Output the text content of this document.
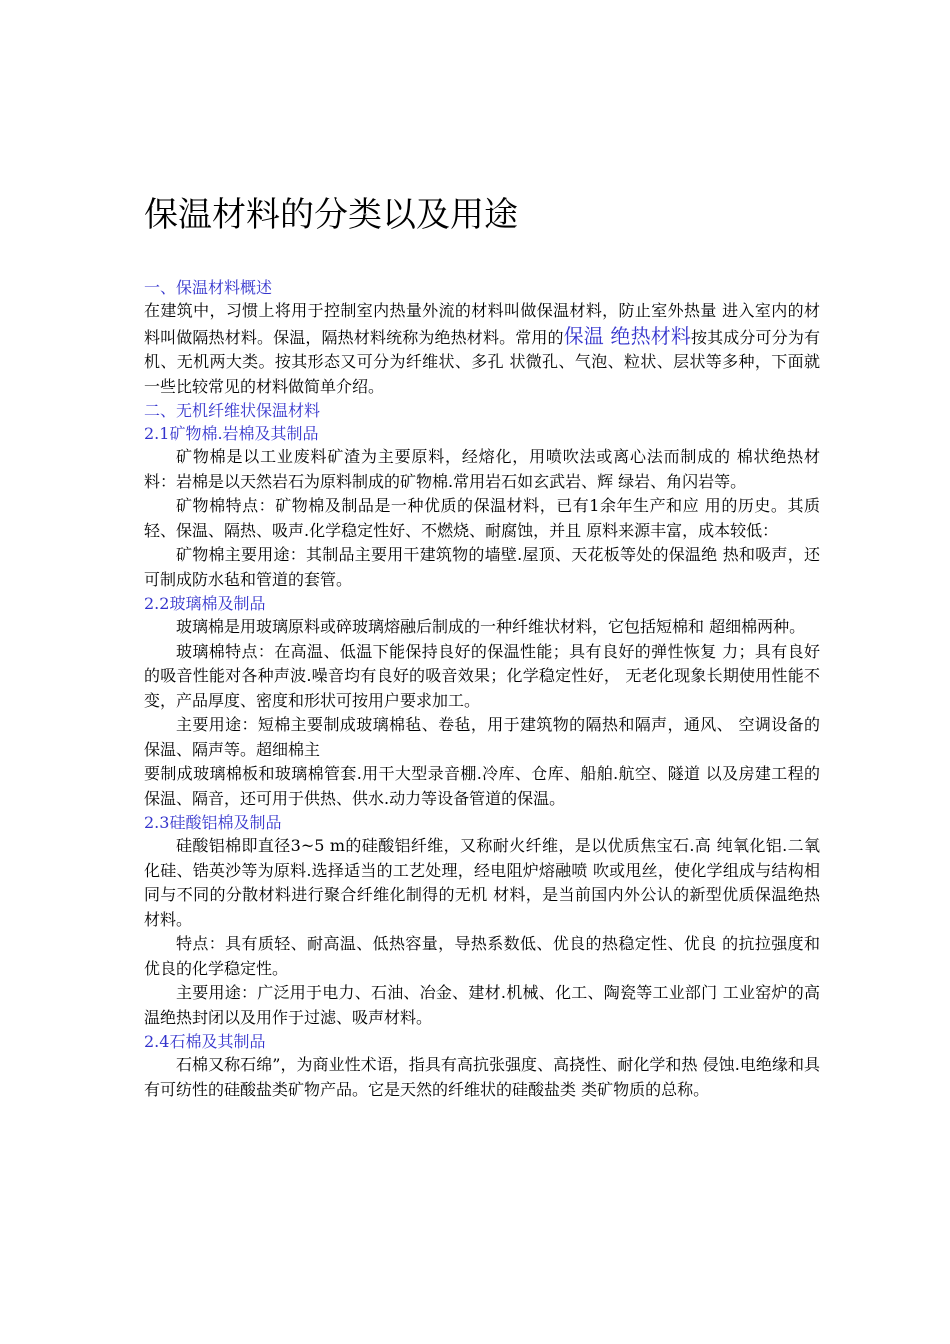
保温材料的分类以及用途

一、保温材料概述

在建筑中，习惯上将用于控制室内热量外流的材料叫做保温材料，防止室外热量 进入室内的材料叫做隔热材料。保温，隔热材料统称为绝热材料。常用的保温 绝热材料按其成分可分为有机、无机两大类。按其形态又可分为纤维状、多孔 状微孔、气泡、粒状、层状等多种，下面就一些比较常见的材料做简单介绍。

二、无机纤维状保温材料

2.1矿物棉.岩棉及其制品

矿物棉是以工业废料矿渣为主要原料，经熔化，用喷吹法或离心法而制成的 棉状绝热材料：岩棉是以天然岩石为原料制成的矿物棉.常用岩石如玄武岩、辉 绿岩、角闪岩等。

矿物棉特点：矿物棉及制品是一种优质的保温材料，已有1余年生产和应 用的历史。其质轻、保温、隔热、吸声.化学稳定性好、不燃烧、耐腐蚀，并且 原料来源丰富，成本较低：

矿物棉主要用途：其制品主要用干建筑物的墙壁.屋顶、天花板等处的保温绝 热和吸声，还可制成防水毡和管道的套管。

2.2玻璃棉及制品

玻璃棉是用玻璃原料或碎玻璃熔融后制成的一种纤维状材料，它包括短棉和 超细棉两种。

玻璃棉特点：在高温、低温下能保持良好的保温性能；具有良好的弹性恢复 力；具有良好的吸音性能对各种声波.噪音均有良好的吸音效果；化学稳定性好， 无老化现象长期使用性能不变，产品厚度、密度和形状可按用户要求加工。

主要用途：短棉主要制成玻璃棉毡、卷毡，用于建筑物的隔热和隔声，通风、 空调设备的保温、隔声等。超细棉主

要制成玻璃棉板和玻璃棉管套.用干大型录音棚.冷库、仓库、船舶.航空、隧道 以及房建工程的保温、隔音，还可用于供热、供水.动力等设备管道的保温。

2.3硅酸铝棉及制品

硅酸铝棉即直径3~5 m的硅酸铝纤维，又称耐火纤维，是以优质焦宝石.高 纯氧化铝.二氧化硅、锆英沙等为原料.选择适当的工艺处理，经电阻炉熔融喷 吹或甩丝，使化学组成与结构相同与不同的分散材料进行聚合纤维化制得的无机 材料，是当前国内外公认的新型优质保温绝热材料。

特点：具有质轻、耐高温、低热容量，导热系数低、优良的热稳定性、优良 的抗拉强度和优良的化学稳定性。

主要用途：广泛用于电力、石油、冶金、建材.机械、化工、陶瓷等工业部门 工业窑炉的高温绝热封闭以及用作于过滤、吸声材料。

2.4石棉及其制品

石棉又称石绵”，为商业性术语，指具有高抗张强度、高挠性、耐化学和热 侵蚀.电绝缘和具有可纺性的硅酸盐类矿物产品。它是天然的纤维状的硅酸盐类 类矿物质的总称。
